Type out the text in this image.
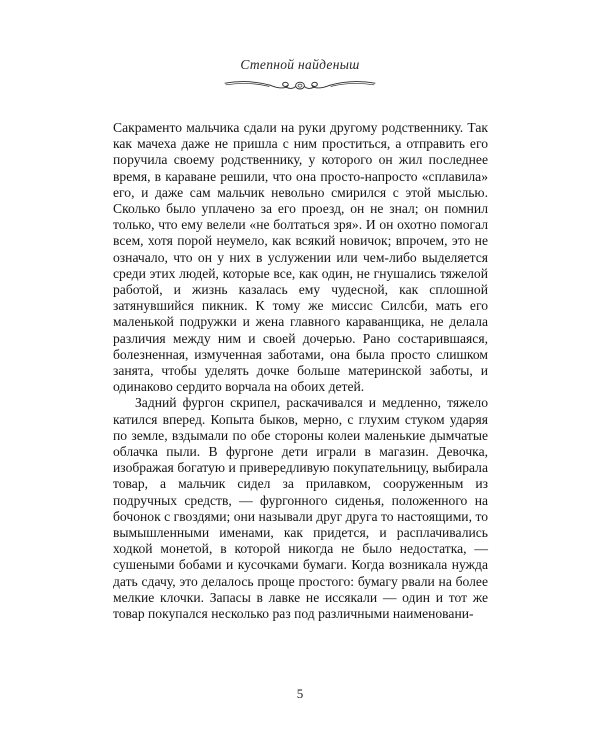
Степной найденыш

Сакраменто мальчика сдали на руки другому родственнику. Так как мачеха даже не пришла с ним проститься, а отправить его поручила своему родственнику, у которого он жил последнее время, в караване решили, что она просто-напросто «сплавила» его, и даже сам мальчик невольно смирился с этой мыслью. Сколько было уплачено за его проезд, он не знал; он помнил только, что ему велели «не болтаться зря». И он охотно помогал всем, хотя порой неумело, как всякий новичок; впрочем, это не означало, что он у них в услужении или чем-либо выделяется среди этих людей, которые все, как один, не гнушались тяжелой работой, и жизнь казалась ему чудесной, как сплошной затянувшийся пикник. К тому же миссис Силсби, мать его маленькой подружки и жена главного караванщика, не делала различия между ним и своей дочерью. Рано состарившаяся, болезненная, измученная заботами, она была просто слишком занята, чтобы уделять дочке больше материнской заботы, и одинаково сердито ворчала на обоих детей.

Задний фургон скрипел, раскачивался и медленно, тяжело катился вперед. Копыта быков, мерно, с глухим стуком ударяя по земле, вздымали по обе стороны колеи маленькие дымчатые облачка пыли. В фургоне дети играли в магазин. Девочка, изображая богатую и привередливую покупательницу, выбирала товар, а мальчик сидел за прилавком, сооруженным из подручных средств, — фургонного сиденья, положенного на бочонок с гвоздями; они называли друг друга то настоящими, то вымышленными именами, как придется, и расплачивались ходкой монетой, в которой никогда не было недостатка, — сушеными бобами и кусочками бумаги. Когда возникала нужда дать сдачу, это делалось проще простого: бумагу рвали на более мелкие клочки. Запасы в лавке не иссякали — один и тот же товар покупался несколько раз под различными наименовани-

5
